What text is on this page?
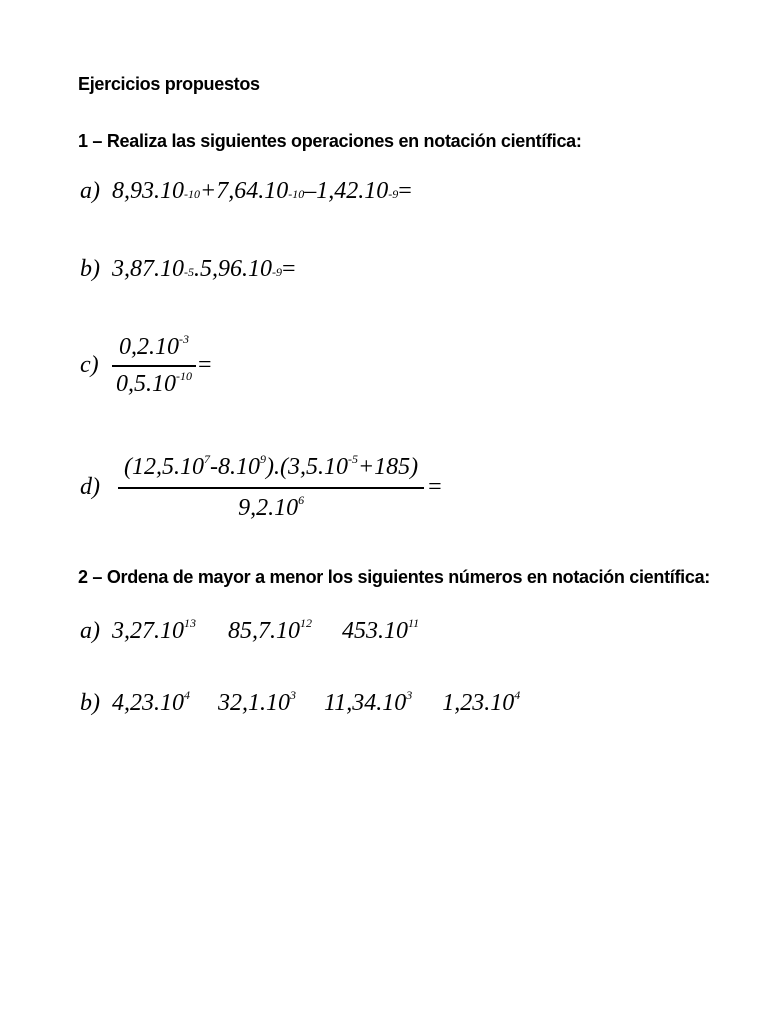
Ejercicios propuestos
1 – Realiza las siguientes operaciones en notación científica:
a) 8,93.10 -10 +7,64.10 -10 –1,42.10 -9 =
b) 3,87.10 -5 .5,96.10 -9 =
$c) \frac{0,2.10^{-3}}{0,5.10^{-10}}$ =
$d) \frac{(12,5.10^7-8.10^9).(3,5.10^{-5}+185)}{9,2.10^6}$ =
2 – Ordena de mayor a menor los siguientes números en notación científica:
a) 3,27.10$^{13}$ 85,7.10$^{12}$ 453.10$^{11}$
b) 4,23.10$^4$ 32,1.10$^3$ 11,34.10$^3$ 1,23.10$^4$
